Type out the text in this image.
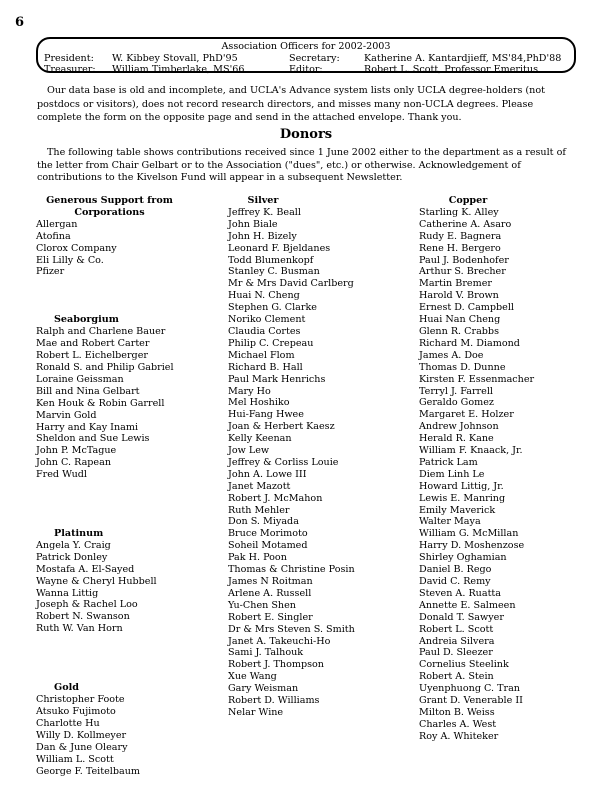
6
Association Officers for 2002-2003
President: W. Kibbey Stovall, PhD'95	Secretary:	Katherine A. Kantardjieff, MS'84,PhD'88
Treasurer: William Timberlake, MS'66	Editor:	Robert L. Scott, Professor Emeritus

Our data base is old and incomplete, and UCLA's Advance system lists only UCLA degree-holders (not postdocs or visitors), does not record research directors, and misses many non-UCLA degrees. Please complete the form on the opposite page and send in the attached envelope. Thank you.

Donors

The following table shows contributions received since 1 June 2002 either to the department as a result of the letter from Chair Gelbart or to the Association ("dues", etc.) or otherwise. Acknowledgement of contributions to the Kivelson Fund will appear in a subsequent Newsletter.

Generous Support from
Corporations
Allergan
Atofina
Clorox Company
Eli Lilly & Co.
Pfizer
Seaborgium
Ralph and Charlene Bauer
Mae and Robert Carter
Robert L. Eichelberger
Ronald S. and Philip Gabriel
Loraine Geissman
Bill and Nina Gelbart
Ken Houk & Robin Garrell
Marvin Gold
Harry and Kay Inami
Sheldon and Sue Lewis
John P. McTague
John C. Rapean
Fred Wudl
Platinum
Angela Y. Craig
Patrick Donley
Mostafa A. El-Sayed
Wayne & Cheryl Hubbell
Wanna Littig
Joseph & Rachel Loo
Robert N. Swanson
Ruth W. Van Horn
Gold
Christopher Foote
Atsuko Fujimoto
Charlotte Hu
Willy D. Kollmeyer
Dan & June Oleary
William L. Scott
George F. Teitelbaum
Silver
Jeffrey K. Beall
John Biale
John H. Bizely
Leonard F. Bjeldanes
Todd Blumenkopf
Stanley C. Busman
Mr & Mrs David Carlberg
Huai N. Cheng
Stephen G. Clarke
Noriko Clement
Claudia Cortes
Philip C. Crepeau
Michael Flom
Richard B. Hall
Paul Mark Henrichs
Mary Ho
Mel Hoshiko
Hui-Fang Hwee
Joan & Herbert Kaesz
Kelly Keenan
Jow Lew
Jeffrey & Corliss Louie
John A. Lowe III
Janet Mazott
Robert J. McMahon
Ruth Mehler
Don S. Miyada
Bruce Morimoto
Soheil Motamed
Pak H. Poon
Thomas & Christine Posin
James N Roitman
Arlene A. Russell
Yu-Chen Shen
Robert E. Singler
Dr & Mrs Steven S. Smith
Janet A. Takeuchi-Ho
Sami J. Talhouk
Robert J. Thompson
Xue Wang
Gary Weisman
Robert D. Williams
Nelar Wine
Copper
Starling K. Alley
Catherine A. Asaro
Rudy E. Bagnera
Rene H. Bergero
Paul J. Bodenhofer
Arthur S. Brecher
Martin Bremer
Harold V. Brown
Ernest D. Campbell
Huai Nan Cheng
Glenn R. Crabbs
Richard M. Diamond
James A. Doe
Thomas D. Dunne
Kirsten F. Essenmacher
Terryl J. Farrell
Geraldo Gomez
Margaret E. Holzer
Andrew Johnson
Herald R. Kane
William F. Knaack, Jr.
Patrick Lam
Diem Linh Le
Howard Littig, Jr.
Lewis E. Manring
Emily Maverick
Walter Maya
William G. McMillan
Harry D. Moshenzose
Shirley Oghamian
Daniel B. Rego
David C. Remy
Steven A. Ruatta
Annette E. Salmeen
Donald T. Sawyer
Robert L. Scott
Andreia Silvera
Paul D. Sleezer
Cornelius Steelink
Robert A. Stein
Uyenphuong C. Tran
Grant D. Venerable II
Milton B. Weiss
Charles A. West
Roy A. Whiteker
